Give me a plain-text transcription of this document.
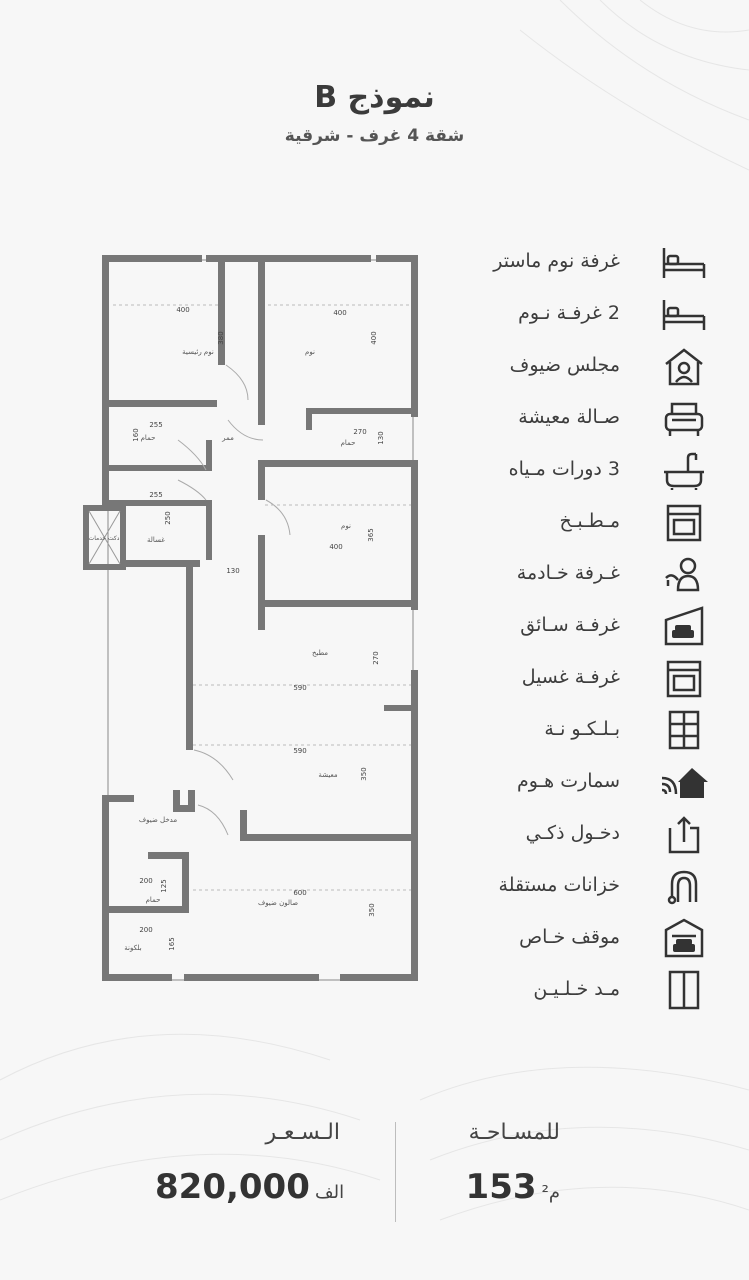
نموذج B
شقة 4 غرف - شرقية
نوم رئيسية	نوم
حمام
حمام
ممر
غسالة
دكت خدمات
نوم
مطبخ
معيشة
مدخل ضيوف
صالون ضيوف
حمام
بلكونة
400
380
400
400
255
160	270 130
255
250
400
365
130
270
590
590
350
200 125
600
350
200
165
غرفة نوم ماستر
2 غرفـة نـوم
مجلس ضيوف
صـالة معيشة
3 دورات مـياه
مـطـبـخ
غـرفة خـادمة
غرفـة سـائق
غرفـة غسيل
بـلـكـو نـة
سمارت هـوم
دخـول ذكـي
خزانات مستقلة
موقف خـاص
مـد خـلـيـن
للمسـاحـة
م² 153
الـسـعـر
الف 820,000
